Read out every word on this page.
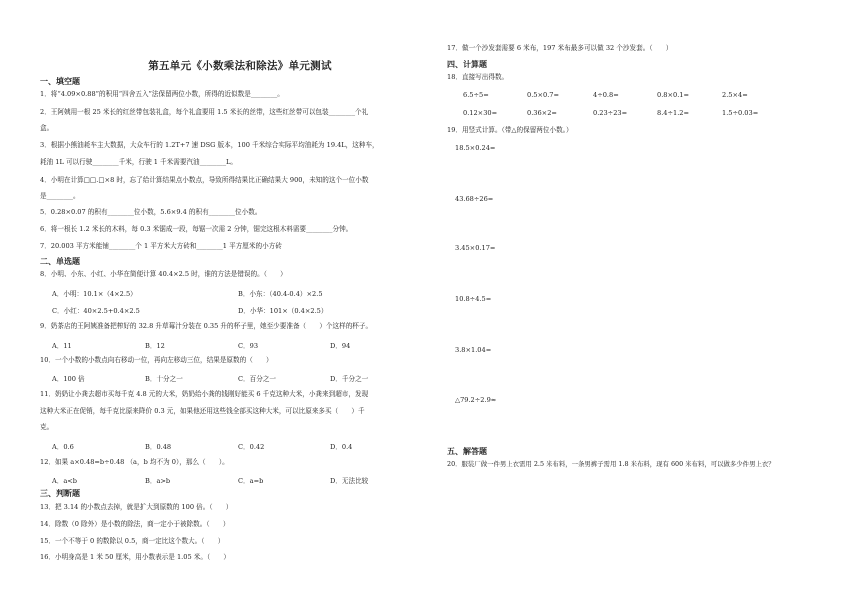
第五单元《小数乘法和除法》单元测试
一、填空题
1．将“4.09×0.88”的积用“四舍五入”法保留两位小数，所得的近似数是________。
2．王阿姨用一根 25 米长的红丝带包装礼盒，每个礼盒要用 1.5 米长的丝带，这些红丝带可以包装________个礼
盒。
3．根据小熊油耗车主大数据，大众车行的 1.2T+7 速 DSG 版本，100 千米综合实际平均油耗为 19.4L，这种车，
耗油 1L 可以行驶________千米，行驶 1 千米需要汽油________L。
4．小明在计算□□.□×8 时，忘了给计算结果点小数点，导致所得结果比正确结果大 900，未知的这个一位小数
是________。
5．0.28×0.07 的积有________位小数，5.6×9.4 的积有________位小数。
6．将一根长 1.2 米长的木料，每 0.3 米锯成一段，每锯一次需 2 分钟，锯完这根木料需要________分钟。
7．20.003 平方米能铺________个 1 平方米大方砖和________1 平方厘米的小方砖
二、单选题
8．小明、小东、小红、小华在简便计算 40.4×2.5 时，谁的方法是错误的。（　　）
A．小明：10.1×（4×2.5）	B．小东：（40.4-0.4）×2.5
C．小红：40×2.5+0.4×2.5	D．小华：101×（0.4×2.5）
9．奶茶店的王阿姨准备把榨好的 32.8 升草莓汁分装在 0.35 升的杯子里，她至少要准备（　　）个这样的杯子。
A．11	B．12	C．93	D．94
10．一个小数的小数点向右移动一位，再向左移动三位，结果是原数的（　　）
A．100 倍	B．十分之一	C．百分之一	D．千分之一
11．奶奶让小龚去超市买每千克 4.8 元的大米，奶奶给小龚的钱刚好能买 6 千克这种大米，小龚来到超市，发现
这种大米正在促销，每千克比原来降价 0.3 元，如果他还用这些钱全部买这种大米，可以比原来多买（　　）千
克。
A．0.6	B．0.48	C．0.42	D．0.4
12．如果 a×0.48=b÷0.48 （a，b 均不为 0），那么（　　）。
A．a<b	B．a>b	C．a=b	D．无法比较
三、判断题
13．把 3.14 的小数点去掉，就是扩大到原数的 100 倍。（　　）
14．除数（0 除外）是小数的除法，商一定小于被除数。（　　）
15．一个不等于 0 的数除以 0.5，商一定比这个数大。（　　）
16．小明身高是 1 米 50 厘米，用小数表示是 1.05 米。（　　）
17．做一个沙发套需要 6 米布，197 米布最多可以做 32 个沙发套。（　　）
四、计算题
18．直接写出得数。
6.5÷5=	0.5×0.7=	4÷0.8=	0.8×0.1=	2.5×4=
0.12×30=	0.36×2=	0.23÷23=	8.4÷1.2=	1.5÷0.03=
19．用竖式计算。（带△的保留两位小数。）
18.5×0.24=
43.68÷26=
3.45×0.17=
10.8÷4.5=
3.8×1.04=
△79.2÷2.9≈
五、解答题
20．服装厂做一件男上衣需用 2.5 米布料，一条男裤子需用 1.8 米布料，现有 600 米布料，可以做多少件男上衣？
